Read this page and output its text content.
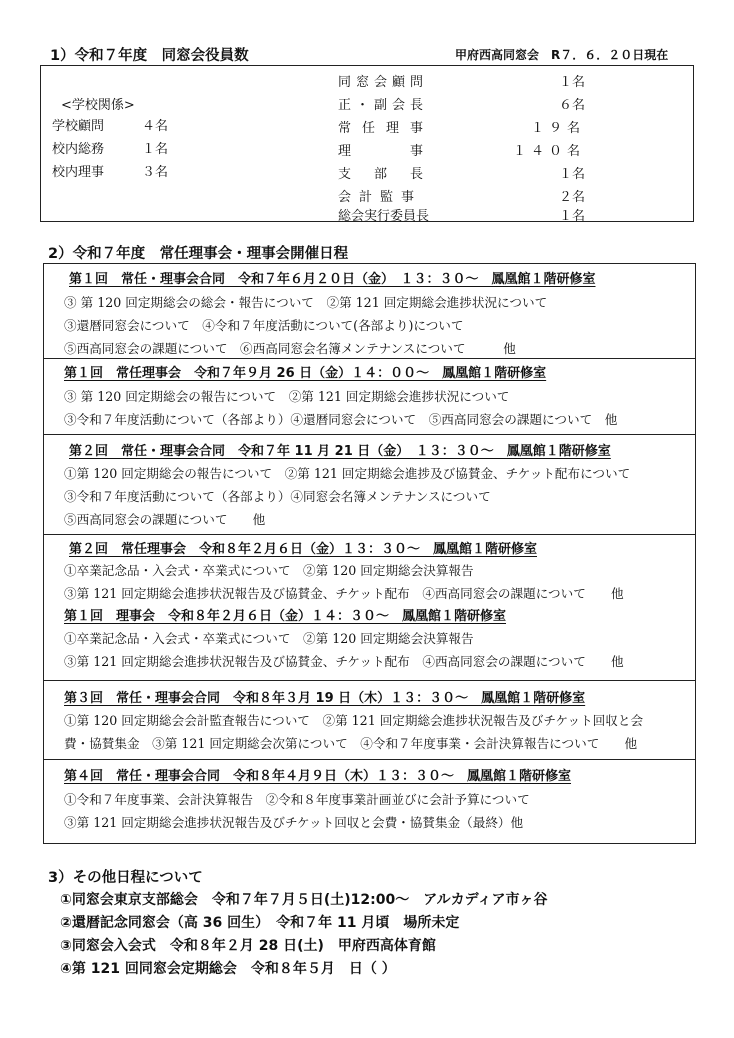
1）令和７年度　同窓会役員数	甲府西高同窓会　R７．６．２０日現在
<学校関係>
学校顧問	４名
校内総務	１名
校内理事	３名
同窓会顧問	１名
正・副会長	６名
常任理事	１９名
理　　事	１４０名
支　部　長	１名
会計監事	２名
総会実行委員長	１名
2）令和７年度　常任理事会・理事会開催日程
第１回　常任・理事会合同　令和７年６月２０日（金）　１３：３０～　鳳凰館１階研修室
③ 第 120 回定期総会の総会・報告について　②第 121 回定期総会進捗状況について
③還暦同窓会について　④令和７年度活動について(各部より)について
⑤西高同窓会の課題について　⑥西高同窓会名簿メンテナンスについて　　　他
第１回　常任理事会　令和７年９月 26 日（金）１４：００～　鳳凰館１階研修室
③ 第 120 回定期総会の報告について　②第 121 回定期総会進捗状況について
③令和７年度活動について（各部より）④還暦同窓会について　⑤西高同窓会の課題について　他
第２回　常任・理事会合同　令和７年 11 月 21 日（金）　１３：３０～　鳳凰館１階研修室
①第 120 回定期総会の報告について　②第 121 回定期総会進捗及び協賛金、チケット配布について
③令和７年度活動について（各部より）④同窓会名簿メンテナンスについて
⑤西高同窓会の課題について　　他
第２回　常任理事会　令和８年２月６日（金）１３：３０～　鳳凰館１階研修室
①卒業記念品・入会式・卒業式について　②第 120 回定期総会決算報告
③第 121 回定期総会進捗状況報告及び協賛金、チケット配布　④西高同窓会の課題について　　他
第１回　理事会　令和８年２月６日（金）１４：３０～　鳳凰館１階研修室
①卒業記念品・入会式・卒業式について　②第 120 回定期総会決算報告
③第 121 回定期総会進捗状況報告及び協賛金、チケット配布　④西高同窓会の課題について　　他
第３回　常任・理事会合同　令和８年３月 19 日（木）１３：３０～　鳳凰館１階研修室
①第 120 回定期総会会計監査報告について　②第 121 回定期総会進捗状況報告及びチケット回収と会
費・協賛集金　③第 121 回定期総会次第について　④令和７年度事業・会計決算報告について　　他
第４回　常任・理事会合同　令和８年４月９日（木）１３：３０～　鳳凰館１階研修室
①令和７年度事業、会計決算報告　②令和８年度事業計画並びに会計予算について
③第 121 回定期総会進捗状況報告及びチケット回収と会費・協賛集金（最終）他
3）その他日程について
①同窓会東京支部総会　令和７年７月５日(土)12:00～　アルカディア市ヶ谷
②還暦記念同窓会（高 36 回生）　令和７年 11 月頃　場所未定
③同窓会入会式　令和８年２月 28 日(土)　甲府西高体育館
④第 121 回同窓会定期総会　令和８年５月　日（ ）
